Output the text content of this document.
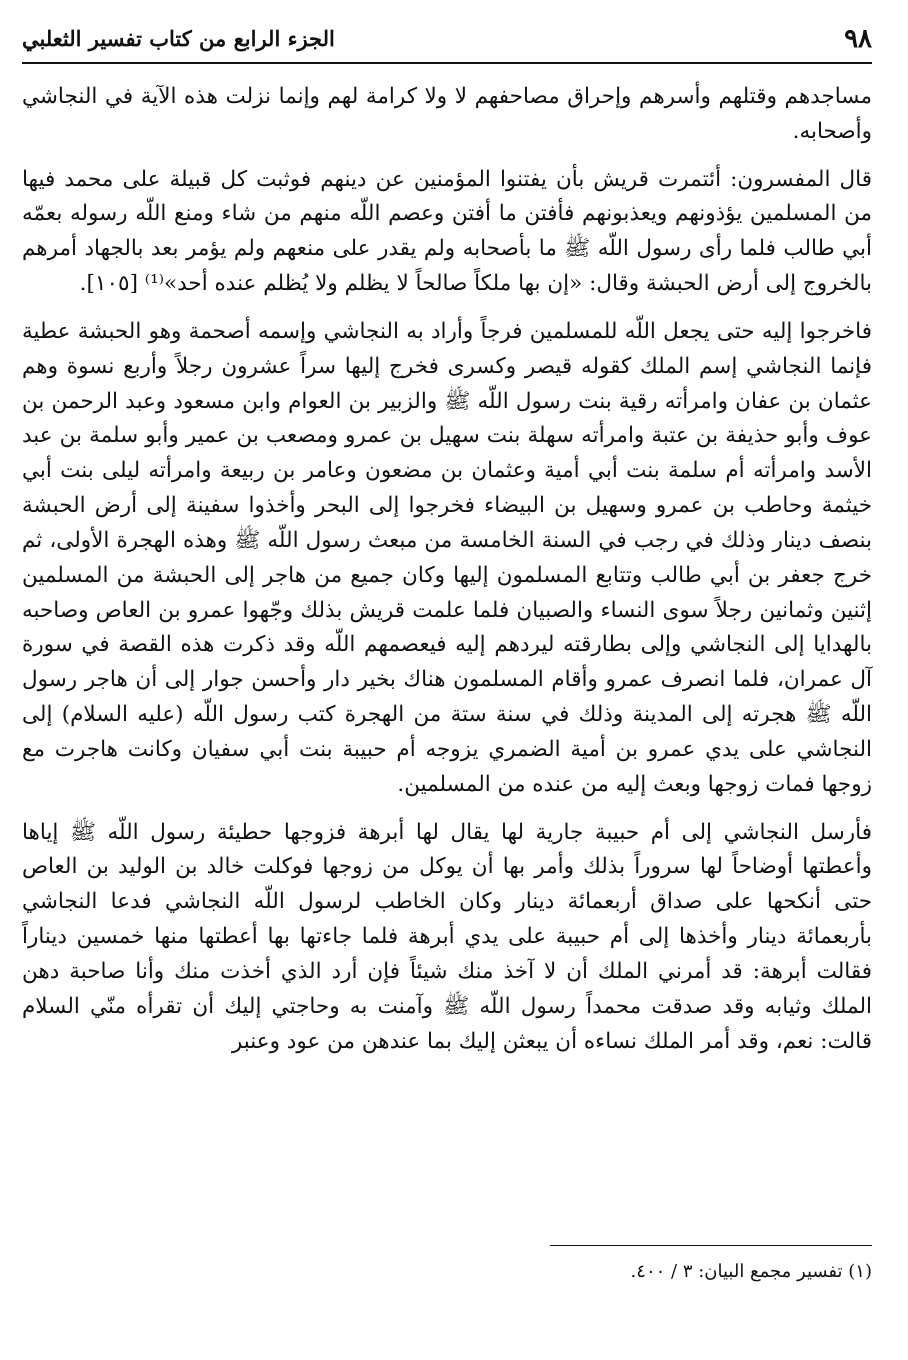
٩٨
الجزء الرابع من كتاب تفسير الثعلبي

مساجدهم وقتلهم وأسرهم وإحراق مصاحفهم لا ولا كرامة لهم وإنما نزلت هذه الآية في النجاشي وأصحابه.

قال المفسرون: أئتمرت قريش بأن يفتنوا المؤمنين عن دينهم فوثبت كل قبيلة على محمد فيها من المسلمين يؤذونهم ويعذبونهم فأفتن ما أفتن وعصم اللّه منهم من شاء ومنع اللّه رسوله بعمّه أبي طالب فلما رأى رسول اللّه ﷺ ما بأصحابه ولم يقدر على منعهم ولم يؤمر بعد بالجهاد أمرهم بالخروج إلى أرض الحبشة وقال: «إن بها ملكاً صالحاً لا يظلم ولا يُظلم عنده أحد»⁽¹⁾ [١٠٥].

فاخرجوا إليه حتى يجعل اللّه للمسلمين فرجاً وأراد به النجاشي وإسمه أصحمة وهو الحبشة عطية فإنما النجاشي إسم الملك كقوله قيصر وكسرى فخرج إليها سراً عشرون رجلاً وأربع نسوة وهم عثمان بن عفان وامرأته رقية بنت رسول اللّه ﷺ والزبير بن العوام وابن مسعود وعبد الرحمن بن عوف وأبو حذيفة بن عتبة وامرأته سهلة بنت سهيل بن عمرو ومصعب بن عمير وأبو سلمة بن عبد الأسد وامرأته أم سلمة بنت أبي أمية وعثمان بن مضعون وعامر بن ربيعة وامرأته ليلى بنت أبي خيثمة وحاطب بن عمرو وسهيل بن البيضاء فخرجوا إلى البحر وأخذوا سفينة إلى أرض الحبشة بنصف دينار وذلك في رجب في السنة الخامسة من مبعث رسول اللّه ﷺ وهذه الهجرة الأولى، ثم خرج جعفر بن أبي طالب وتتابع المسلمون إليها وكان جميع من هاجر إلى الحبشة من المسلمين إثنين وثمانين رجلاً سوى النساء والصبيان فلما علمت قريش بذلك وجّهوا عمرو بن العاص وصاحبه بالهدايا إلى النجاشي وإلى بطارقته ليردهم إليه فيعصمهم اللّه وقد ذكرت هذه القصة في سورة آل عمران، فلما انصرف عمرو وأقام المسلمون هناك بخير دار وأحسن جوار إلى أن هاجر رسول اللّه ﷺ هجرته إلى المدينة وذلك في سنة ستة من الهجرة كتب رسول اللّه (عليه السلام) إلى النجاشي على يدي عمرو بن أمية الضمري يزوجه أم حبيبة بنت أبي سفيان وكانت هاجرت مع زوجها فمات زوجها وبعث إليه من عنده من المسلمين.

فأرسل النجاشي إلى أم حبيبة جارية لها يقال لها أبرهة فزوجها حطيئة رسول اللّه ﷺ إياها وأعطتها أوضاحاً لها سروراً بذلك وأمر بها أن يوكل من زوجها فوكلت خالد بن الوليد بن العاص حتى أنكحها على صداق أربعمائة دينار وكان الخاطب لرسول اللّه النجاشي فدعا النجاشي بأربعمائة دينار وأخذها إلى أم حبيبة على يدي أبرهة فلما جاءتها بها أعطتها منها خمسين ديناراً فقالت أبرهة: قد أمرني الملك أن لا آخذ منك شيئاً فإن أرد الذي أخذت منك وأنا صاحبة دهن الملك وثيابه وقد صدقت محمداً رسول اللّه ﷺ وآمنت به وحاجتي إليك أن تقرأه منّي السلام قالت: نعم، وقد أمر الملك نساءه أن يبعثن إليك بما عندهن من عود وعنبر

(١) تفسير مجمع البيان: ٣ / ٤٠٠.
